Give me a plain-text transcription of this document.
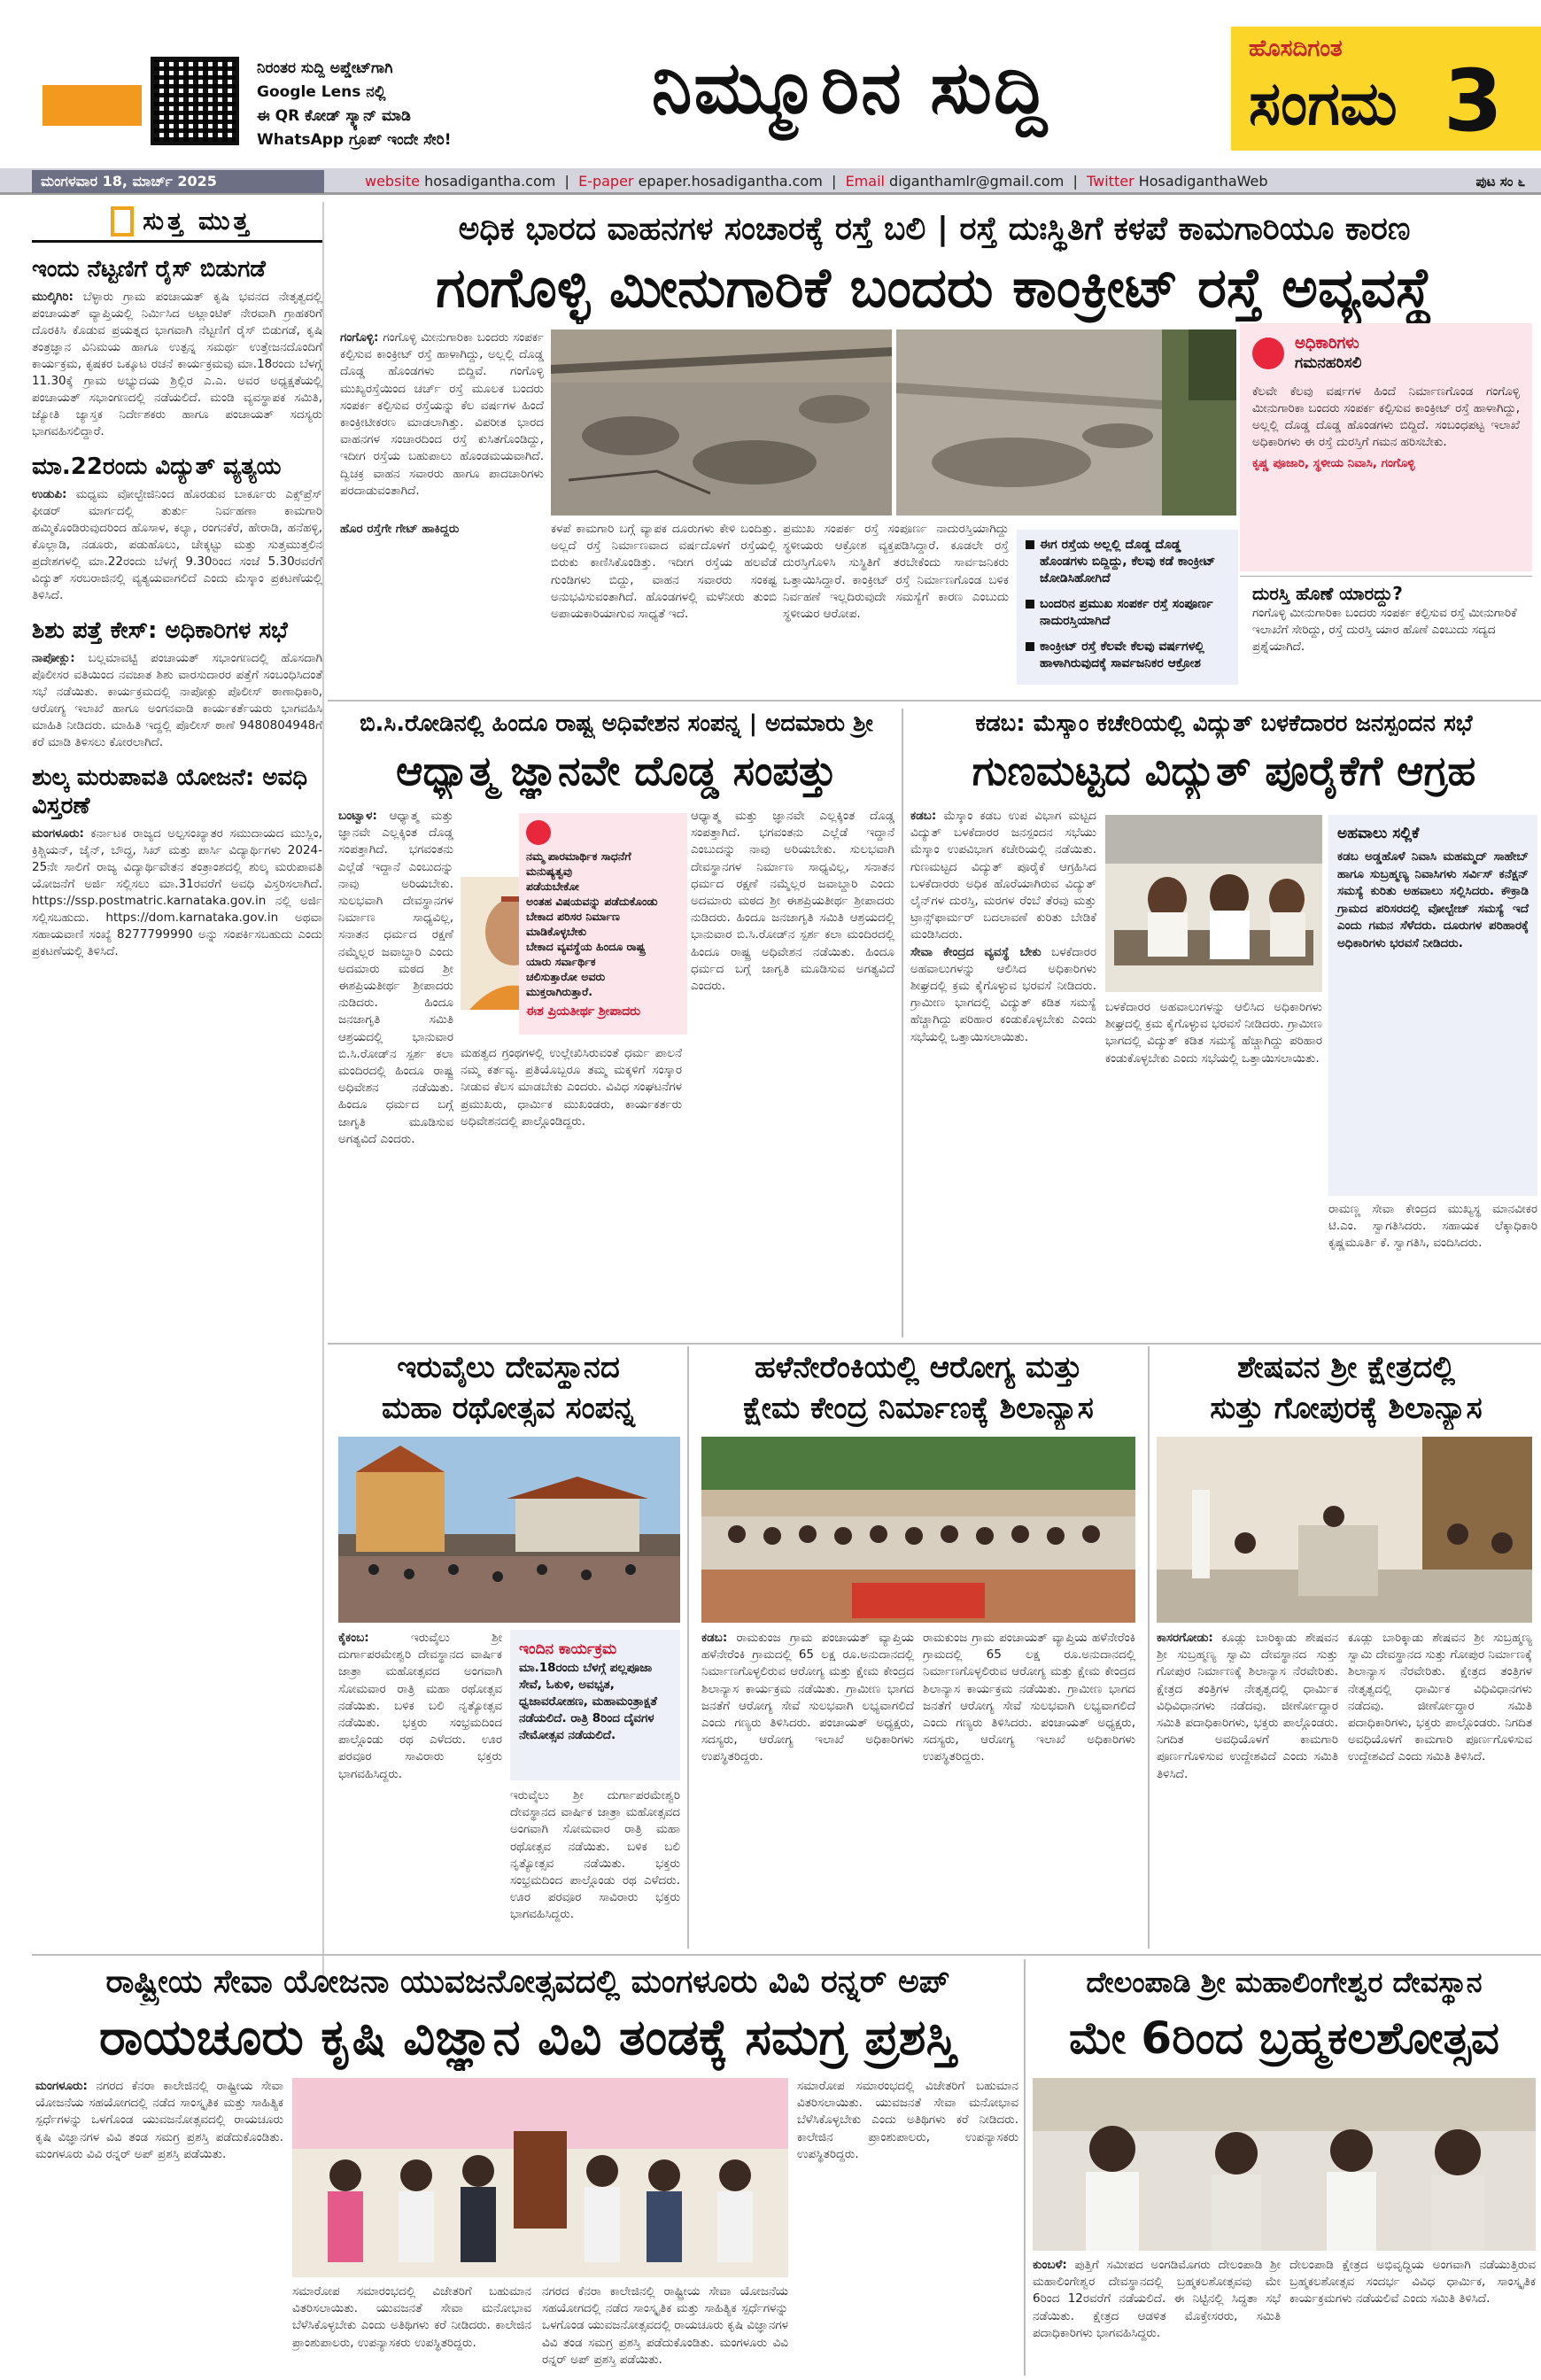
ನಿರಂತರ ಸುದ್ದಿ ಅಪ್ಡೇಟ್‌ಗಾಗಿ
Google Lens ನಲ್ಲಿ
ಈ QR ಕೋಡ್ ಸ್ಕ್ಯಾನ್ ಮಾಡಿ
WhatsApp ಗ್ರೂಪ್ ಇಂದೇ ಸೇರಿ!
ನಿಮ್ಮೂರಿನ ಸುದ್ದಿ	ಹೊಸದಿಗಂತ
ಸಂಗಮ 3
ಮಂಗಳವಾರ 18, ಮಾರ್ಚ್ 2025	website hosadigantha.com  |  E-paper epaper.hosadigantha.com  |  Email diganthamlr@gmail.com  |  Twitter HosadiganthaWeb	ಪುಟ ಸಂ ೬
ಸುತ್ತ ಮುತ್ತ
ಇಂದು ನೆಟ್ಟಣಿಗೆ ರೈಸ್ ಬಿಡುಗಡೆ
ಮುಲ್ಕಿಗಿರಿ: ಬೆಳ್ಳಾರು ಗ್ರಾಮ ಪಂಚಾಯತ್ ಕೃಷಿ ಭವನದ ನೇತೃತ್ವದಲ್ಲಿ ಪಂಚಾಯತ್ ವ್ಯಾಪ್ತಿಯಲ್ಲಿ ನಿರ್ಮಿಸಿದ ಅಟ್ಲಾಂಟಿಕ್ ನೇರವಾಗಿ ಗ್ರಾಹಕರಿಗೆ ದೊರಕಿಸಿ ಕೊಡುವ ಪ್ರಯತ್ನದ ಭಾಗವಾಗಿ ನೆಟ್ಟಣಿಗೆ ರೈಸ್ ಬಿಡುಗಡೆ, ಕೃಷಿ ತಂತ್ರಜ್ಞಾನ ವಿನಿಮಯ ಹಾಗೂ ಉತ್ಪನ್ನ ಸಮರ್ಥ ಉತ್ತೇಜನದೊಂದಿಗೆ ಕಾರ್ಯಕ್ರಮ, ಕೃಷಕರ ಒಕ್ಕೂಟ ರಚನೆ ಕಾರ್ಯಕ್ರಮವು ಮಾ.18ರಂದು ಬೆಳಗ್ಗೆ 11.30ಕ್ಕೆ ಗ್ರಾಮ ಅಭ್ಯುದಯ ಶ್ರಿಲ್ಲಿರ ಎ.ಎ. ಅವರ ಅಧ್ಯಕ್ಷತೆಯಲ್ಲಿ ಪಂಚಾಯತ್ ಸಭಾಂಗಣದಲ್ಲಿ ನಡೆಯಲಿದೆ. ಮಂಡಿ ವ್ಯವಸ್ಥಾಪಕ ಸಮಿತಿ, ಜ್ಯೋತಿ ಜ್ಯಾಸ್ತಕ ನಿರ್ದೇಶಕರು ಹಾಗೂ ಪಂಚಾಯತ್ ಸದಸ್ಯರು ಭಾಗವಹಿಸಲಿದ್ದಾರೆ.
ಮಾ.22ರಂದು ವಿದ್ಯುತ್ ವ್ಯತ್ಯಯ
ಉಡುಪಿ: ಮಧ್ಯಮ ವೋಲ್ಟೇಜಿನಿಂದ ಹೊರಡುವ ಬಾರ್ಕೂರು ಎಕ್ಸ್‌ಪ್ರೆಸ್ ಫೀಡರ್ ಮಾರ್ಗದಲ್ಲಿ ತುರ್ತು ನಿರ್ವಹಣಾ ಕಾಮಗಾರಿ ಹಮ್ಮಿಕೊಂಡಿರುವುದರಿಂದ ಹೊಸಾಳ, ಕಲ್ಯಾ, ರಂಗನಕೆರೆ, ಹೇರಾಡಿ, ಹನೆಹಳ್ಳಿ, ಕೊಲ್ಲಾಡಿ, ನಡೂರು, ಪಡುಹೊಲು, ಚೇಕ್ಕಟ್ಟು ಮತ್ತು ಸುತ್ತಮುತ್ತಲಿನ ಪ್ರದೇಶಗಳಲ್ಲಿ ಮಾ.22ರಂದು ಬೆಳಗ್ಗೆ 9.30ರಿಂದ ಸಂಜೆ 5.30ರವರೆಗೆ ವಿದ್ಯುತ್ ಸರಬರಾಜಿನಲ್ಲಿ ವ್ಯತ್ಯಯವಾಗಲಿದೆ ಎಂದು ಮೆಸ್ಕಾಂ ಪ್ರಕಟಣೆಯಲ್ಲಿ ತಿಳಿಸಿದೆ.
ಶಿಶು ಪತ್ತೆ ಕೇಸ್: ಅಧಿಕಾರಿಗಳ ಸಭೆ
ನಾಪೋಕ್ಲು: ಬಲ್ಲಮಾವಟ್ಟಿ ಪಂಚಾಯತ್ ಸಭಾಂಗಣದಲ್ಲಿ ಹೊಸದಾಗಿ ಪೊಲೀಸರ ವತಿಯಿಂದ ನವಜಾತ ಶಿಶು ವಾರಸುದಾರರ ಪತ್ತೆಗೆ ಸಂಬಂಧಿಸಿದಂತೆ ಸಭೆ ನಡೆಯಿತು. ಕಾರ್ಯಕ್ರಮದಲ್ಲಿ ನಾಪೋಕ್ಲು ಪೊಲೀಸ್ ಠಾಣಾಧಿಕಾರಿ, ಆರೋಗ್ಯ ಇಲಾಖೆ ಹಾಗೂ ಅಂಗನವಾಡಿ ಕಾರ್ಯಕರ್ತೆಯರು ಭಾಗವಹಿಸಿ ಮಾಹಿತಿ ನೀಡಿದರು. ಮಾಹಿತಿ ಇದ್ದಲ್ಲಿ ಪೊಲೀಸ್ ಠಾಣೆ 9480804948ಗೆ ಕರೆ ಮಾಡಿ ತಿಳಿಸಲು ಕೋರಲಾಗಿದೆ.
ಶುಲ್ಕ ಮರುಪಾವತಿ ಯೋಜನೆ: ಅವಧಿ ವಿಸ್ತರಣೆ
ಮಂಗಳೂರು: ಕರ್ನಾಟಕ ರಾಜ್ಯದ ಅಲ್ಪಸಂಖ್ಯಾತರ ಸಮುದಾಯದ ಮುಸ್ಲಿಂ, ಕ್ರಿಶ್ಚಿಯನ್, ಜೈನ್, ಬೌದ್ಧ, ಸಿಖ್ ಮತ್ತು ಪಾರ್ಸಿ ವಿದ್ಯಾರ್ಥಿಗಳು 2024-25ನೇ ಸಾಲಿಗೆ ರಾಜ್ಯ ವಿದ್ಯಾರ್ಥಿವೇತನ ತಂತ್ರಾಂಶದಲ್ಲಿ ಶುಲ್ಕ ಮರುಪಾವತಿ ಯೋಜನೆಗೆ ಅರ್ಜಿ ಸಲ್ಲಿಸಲು ಮಾ.31ರವರೆಗೆ ಅವಧಿ ವಿಸ್ತರಿಸಲಾಗಿದೆ. https://ssp.postmatric.karnataka.gov.in ನಲ್ಲಿ ಅರ್ಜಿ ಸಲ್ಲಿಸಬಹುದು. https://dom.karnataka.gov.in ಅಥವಾ ಸಹಾಯವಾಣಿ ಸಂಖ್ಯೆ 8277799990 ಅನ್ನು ಸಂಪರ್ಕಿಸಬಹುದು ಎಂದು ಪ್ರಕಟಣೆಯಲ್ಲಿ ತಿಳಿಸಿದೆ.
ಅಧಿಕ ಭಾರದ ವಾಹನಗಳ ಸಂಚಾರಕ್ಕೆ ರಸ್ತೆ ಬಲಿ | ರಸ್ತೆ ದುಃಸ್ಥಿತಿಗೆ ಕಳಪೆ ಕಾಮಗಾರಿಯೂ ಕಾರಣ
ಗಂಗೊಳ್ಳಿ ಮೀನುಗಾರಿಕೆ ಬಂದರು ಕಾಂಕ್ರೀಟ್ ರಸ್ತೆ ಅವ್ಯವಸ್ಥೆ
ಗಂಗೊಳ್ಳಿ: ಗಂಗೊಳ್ಳಿ ಮೀನುಗಾರಿಕಾ ಬಂದರು ಸಂಪರ್ಕ ಕಲ್ಪಿಸುವ ಕಾಂಕ್ರೀಟ್ ರಸ್ತೆ ಹಾಳಾಗಿದ್ದು, ಅಲ್ಲಲ್ಲಿ ದೊಡ್ಡ ದೊಡ್ಡ ಹೊಂಡಗಳು ಬಿದ್ದಿವೆ. ಗಂಗೊಳ್ಳಿ ಮುಖ್ಯರಸ್ತೆಯಿಂದ ಚರ್ಚ್ ರಸ್ತೆ ಮೂಲಕ ಬಂದರು ಸಂಪರ್ಕ ಕಲ್ಪಿಸುವ ರಸ್ತೆಯನ್ನು ಕೆಲ ವರ್ಷಗಳ ಹಿಂದೆ ಕಾಂಕ್ರೀಟೀಕರಣ ಮಾಡಲಾಗಿತ್ತು. ವಿಪರೀತ ಭಾರದ ವಾಹನಗಳ ಸಂಚಾರದಿಂದ ರಸ್ತೆ ಕುಸಿತಗೊಂಡಿದ್ದು, ಇದೀಗ ರಸ್ತೆಯ ಬಹುಪಾಲು ಹೊಂಡಮಯವಾಗಿದೆ. ದ್ವಿಚಕ್ರ ವಾಹನ ಸವಾರರು ಹಾಗೂ ಪಾದಚಾರಿಗಳು ಪರದಾಡುವಂತಾಗಿದೆ.
ಹೊರ ರಸ್ತೆಗೇ ಗೇಟ್ ಹಾಕಿದ್ದರು	ಕಳಪೆ ಕಾಮಗಾರಿ ಬಗ್ಗೆ ವ್ಯಾಪಕ ದೂರುಗಳು ಕೇಳಿ ಬಂದಿತ್ತು. ಅಲ್ಲದೆ ರಸ್ತೆ ನಿರ್ಮಾಣವಾದ ವರ್ಷದೊಳಗೆ ರಸ್ತೆಯಲ್ಲಿ ಬಿರುಕು ಕಾಣಿಸಿಕೊಂಡಿತ್ತು. ಇದೀಗ ರಸ್ತೆಯ ಹಲವೆಡೆ ಗುಂಡಿಗಳು ಬಿದ್ದು, ವಾಹನ ಸವಾರರು ಸಂಕಷ್ಟ ಅನುಭವಿಸುವಂತಾಗಿದೆ. ಹೊಂಡಗಳಲ್ಲಿ ಮಳೆನೀರು ತುಂಬಿ ಅಪಾಯಕಾರಿಯಾಗುವ ಸಾಧ್ಯತೆ ಇದೆ.
ಪ್ರಮುಖ ಸಂಪರ್ಕ ರಸ್ತೆ ಸಂಪೂರ್ಣ ನಾದುರಸ್ತಿಯಾಗಿದ್ದು ಸ್ಥಳೀಯರು ಆಕ್ರೋಶ ವ್ಯಕ್ತಪಡಿಸಿದ್ದಾರೆ. ಕೂಡಲೇ ರಸ್ತೆ ದುರಸ್ತಿಗೊಳಿಸಿ ಸುಸ್ಥಿತಿಗೆ ತರಬೇಕೆಂದು ಸಾರ್ವಜನಿಕರು ಒತ್ತಾಯಿಸಿದ್ದಾರೆ. ಕಾಂಕ್ರೀಟ್ ರಸ್ತೆ ನಿರ್ಮಾಣಗೊಂಡ ಬಳಿಕ ನಿರ್ವಹಣೆ ಇಲ್ಲದಿರುವುದೇ ಸಮಸ್ಯೆಗೆ ಕಾರಣ ಎಂಬುದು ಸ್ಥಳೀಯರ ಆರೋಪ.
ಈಗ ರಸ್ತೆಯ ಅಲ್ಲಲ್ಲಿ ದೊಡ್ಡ ದೊಡ್ಡ ಹೊಂಡಗಳು ಬಿದ್ದಿದ್ದು, ಕೆಲವು ಕಡೆ ಕಾಂಕ್ರೀಟ್ ಜೋಡಿಸಿಹೋಗಿದೆ
ಬಂದರಿನ ಪ್ರಮುಖ ಸಂಪರ್ಕ ರಸ್ತೆ ಸಂಪೂರ್ಣ ನಾದುರಸ್ತಿಯಾಗಿದೆ
ಕಾಂಕ್ರೀಟ್ ರಸ್ತೆ ಕೆಲವೇ ಕೆಲವು ವರ್ಷಗಳಲ್ಲಿ ಹಾಳಾಗಿರುವುದಕ್ಕೆ ಸಾರ್ವಜನಿಕರ ಆಕ್ರೋಶ
ಅಧಿಕಾರಿಗಳು
ಗಮನಹರಿಸಲಿ
ಕೆಲವೇ ಕೆಲವು ವರ್ಷಗಳ ಹಿಂದೆ ನಿರ್ಮಾಣಗೊಂಡ ಗಂಗೊಳ್ಳಿ ಮೀನುಗಾರಿಕಾ ಬಂದರು ಸಂಪರ್ಕ ಕಲ್ಪಿಸುವ ಕಾಂಕ್ರೀಟ್ ರಸ್ತೆ ಹಾಳಾಗಿದ್ದು, ಅಲ್ಲಲ್ಲಿ ದೊಡ್ಡ ದೊಡ್ಡ ಹೊಂಡಗಳು ಬಿದ್ದಿದೆ. ಸಂಬಂಧಪಟ್ಟ ಇಲಾಖೆ ಅಧಿಕಾರಿಗಳು ಈ ರಸ್ತೆ ದುರಸ್ತಿಗೆ ಗಮನ ಹರಿಸಬೇಕು.
ಕೃಷ್ಣ ಪೂಜಾರಿ, ಸ್ಥಳೀಯ ನಿವಾಸಿ, ಗಂಗೊಳ್ಳಿ
ದುರಸ್ತಿ ಹೊಣೆ ಯಾರದ್ದು?

ಗಂಗೊಳ್ಳಿ ಮೀನುಗಾರಿಕಾ ಬಂದರು ಸಂಪರ್ಕ ಕಲ್ಪಿಸುವ ರಸ್ತೆ ಮೀನುಗಾರಿಕೆ ಇಲಾಖೆಗೆ ಸೇರಿದ್ದು, ರಸ್ತೆ ದುರಸ್ತಿ ಯಾರ ಹೊಣೆ ಎಂಬುದು ಸದ್ಯದ ಪ್ರಶ್ನೆಯಾಗಿದೆ.

ಬಿ.ಸಿ.ರೋಡಿನಲ್ಲಿ ಹಿಂದೂ ರಾಷ್ಟ್ರ ಅಧಿವೇಶನ ಸಂಪನ್ನ | ಅದಮಾರು ಶ್ರೀ
ಆಧ್ಯಾತ್ಮ ಜ್ಞಾನವೇ ದೊಡ್ಡ ಸಂಪತ್ತು
ಬಂಟ್ವಾಳ: ಆಧ್ಯಾತ್ಮ ಮತ್ತು ಜ್ಞಾನವೇ ಎಲ್ಲಕ್ಕಿಂತ ದೊಡ್ಡ ಸಂಪತ್ತಾಗಿದೆ. ಭಗವಂತನು ಎಲ್ಲೆಡೆ ಇದ್ದಾನೆ ಎಂಬುದನ್ನು ನಾವು ಅರಿಯಬೇಕು. ಸುಲಭವಾಗಿ ದೇವಸ್ಥಾನಗಳ ನಿರ್ಮಾಣ ಸಾಧ್ಯವಿಲ್ಲ, ಸನಾತನ ಧರ್ಮದ ರಕ್ಷಣೆ ನಮ್ಮೆಲ್ಲರ ಜವಾಬ್ದಾರಿ ಎಂದು ಅದಮಾರು ಮಠದ ಶ್ರೀ ಈಶಪ್ರಿಯತೀರ್ಥ ಶ್ರೀಪಾದರು ನುಡಿದರು. ಹಿಂದೂ ಜನಜಾಗೃತಿ ಸಮಿತಿ ಆಶ್ರಯದಲ್ಲಿ ಭಾನುವಾರ ಬಿ.ಸಿ.ರೋಡ್‌ನ ಸ್ಪರ್ಶ ಕಲಾ ಮಂದಿರದಲ್ಲಿ ಹಿಂದೂ ರಾಷ್ಟ್ರ ಅಧಿವೇಶನ ನಡೆಯಿತು. ಹಿಂದೂ ಧರ್ಮದ ಬಗ್ಗೆ ಜಾಗೃತಿ ಮೂಡಿಸುವ ಅಗತ್ಯವಿದೆ ಎಂದರು.
ನಮ್ಮ ಪಾರಮಾರ್ಥಿಕ ಸಾಧನೆಗೆ ಮನುಷ್ಯತ್ವವು
ಪಡೆಯಬೇಕೋ
ಅಂತಹ ವಿಷಯವನ್ನು ಪಡೆದುಕೊಂಡು
ಬೇಕಾದ ಪರಿಸರ ನಿರ್ಮಾಣ
ಮಾಡಿಕೊಳ್ಳಬೇಕು
ಬೇಕಾದ ವ್ಯವಸ್ಥೆಯ ಹಿಂದೂ ರಾಷ್ಟ್ರ
ಯಾರು ಸರ್ವಾರ್ಥಿಕ
ಚಲಿಸುತ್ತಾರೋ ಅವರು
ಮುಕ್ತರಾಗಿರುತ್ತಾರೆ.
ಈಶ ಪ್ರಿಯತೀರ್ಥ ಶ್ರೀಪಾದರು
ಮಹತ್ವದ ಗ್ರಂಥಗಳಲ್ಲಿ ಉಲ್ಲೇಖಿಸಿರುವಂತೆ ಧರ್ಮ ಪಾಲನೆ ನಮ್ಮ ಕರ್ತವ್ಯ. ಪ್ರತಿಯೊಬ್ಬರೂ ತಮ್ಮ ಮಕ್ಕಳಿಗೆ ಸಂಸ್ಕಾರ ನೀಡುವ ಕೆಲಸ ಮಾಡಬೇಕು ಎಂದರು. ವಿವಿಧ ಸಂಘಟನೆಗಳ ಪ್ರಮುಖರು, ಧಾರ್ಮಿಕ ಮುಖಂಡರು, ಕಾರ್ಯಕರ್ತರು ಅಧಿವೇಶನದಲ್ಲಿ ಪಾಲ್ಗೊಂಡಿದ್ದರು.
ಆಧ್ಯಾತ್ಮ ಮತ್ತು ಜ್ಞಾನವೇ ಎಲ್ಲಕ್ಕಿಂತ ದೊಡ್ಡ ಸಂಪತ್ತಾಗಿದೆ. ಭಗವಂತನು ಎಲ್ಲೆಡೆ ಇದ್ದಾನೆ ಎಂಬುದನ್ನು ನಾವು ಅರಿಯಬೇಕು. ಸುಲಭವಾಗಿ ದೇವಸ್ಥಾನಗಳ ನಿರ್ಮಾಣ ಸಾಧ್ಯವಿಲ್ಲ, ಸನಾತನ ಧರ್ಮದ ರಕ್ಷಣೆ ನಮ್ಮೆಲ್ಲರ ಜವಾಬ್ದಾರಿ ಎಂದು ಅದಮಾರು ಮಠದ ಶ್ರೀ ಈಶಪ್ರಿಯತೀರ್ಥ ಶ್ರೀಪಾದರು ನುಡಿದರು. ಹಿಂದೂ ಜನಜಾಗೃತಿ ಸಮಿತಿ ಆಶ್ರಯದಲ್ಲಿ ಭಾನುವಾರ ಬಿ.ಸಿ.ರೋಡ್‌ನ ಸ್ಪರ್ಶ ಕಲಾ ಮಂದಿರದಲ್ಲಿ ಹಿಂದೂ ರಾಷ್ಟ್ರ ಅಧಿವೇಶನ ನಡೆಯಿತು. ಹಿಂದೂ ಧರ್ಮದ ಬಗ್ಗೆ ಜಾಗೃತಿ ಮೂಡಿಸುವ ಅಗತ್ಯವಿದೆ ಎಂದರು.
ಕಡಬ: ಮೆಸ್ಕಾಂ ಕಚೇರಿಯಲ್ಲಿ ವಿದ್ಯುತ್ ಬಳಕೆದಾರರ ಜನಸ್ಪಂದನ ಸಭೆ
ಗುಣಮಟ್ಟದ ವಿದ್ಯುತ್ ಪೂರೈಕೆಗೆ ಆಗ್ರಹ
ಕಡಬ: ಮೆಸ್ಕಾಂ ಕಡಬ ಉಪ ವಿಭಾಗ ಮಟ್ಟದ ವಿದ್ಯುತ್ ಬಳಕೆದಾರರ ಜನಸ್ಪಂದನ ಸಭೆಯು ಮೆಸ್ಕಾಂ ಉಪವಿಭಾಗ ಕಚೇರಿಯಲ್ಲಿ ನಡೆಯಿತು. ಗುಣಮಟ್ಟದ ವಿದ್ಯುತ್ ಪೂರೈಕೆ ಆಗ್ರಹಿಸಿದ ಬಳಕೆದಾರರು ಅಧಿಕ ಹೊರೆಯಾಗಿರುವ ವಿದ್ಯುತ್ ಲೈನ್‌ಗಳ ದುರಸ್ತಿ, ಮರಗಳ ರೆಂಬೆ ತೆರವು ಮತ್ತು ಟ್ರಾನ್ಸ್‌ಫಾರ್ಮರ್ ಬದಲಾವಣೆ ಕುರಿತು ಬೇಡಿಕೆ ಮಂಡಿಸಿದರು.
ಸೇವಾ ಕೇಂದ್ರದ ವ್ಯವಸ್ಥೆ ಬೇಕು ಬಳಕೆದಾರರ ಅಹವಾಲುಗಳನ್ನು ಆಲಿಸಿದ ಅಧಿಕಾರಿಗಳು ಶೀಘ್ರದಲ್ಲಿ ಕ್ರಮ ಕೈಗೊಳ್ಳುವ ಭರವಸೆ ನೀಡಿದರು. ಗ್ರಾಮೀಣ ಭಾಗದಲ್ಲಿ ವಿದ್ಯುತ್ ಕಡಿತ ಸಮಸ್ಯೆ ಹೆಚ್ಚಾಗಿದ್ದು ಪರಿಹಾರ ಕಂಡುಕೊಳ್ಳಬೇಕು ಎಂದು ಸಭೆಯಲ್ಲಿ ಒತ್ತಾಯಿಸಲಾಯಿತು.
ಬಳಕೆದಾರರ ಅಹವಾಲುಗಳನ್ನು ಆಲಿಸಿದ ಅಧಿಕಾರಿಗಳು ಶೀಘ್ರದಲ್ಲಿ ಕ್ರಮ ಕೈಗೊಳ್ಳುವ ಭರವಸೆ ನೀಡಿದರು. ಗ್ರಾಮೀಣ ಭಾಗದಲ್ಲಿ ವಿದ್ಯುತ್ ಕಡಿತ ಸಮಸ್ಯೆ ಹೆಚ್ಚಾಗಿದ್ದು ಪರಿಹಾರ ಕಂಡುಕೊಳ್ಳಬೇಕು ಎಂದು ಸಭೆಯಲ್ಲಿ ಒತ್ತಾಯಿಸಲಾಯಿತು.
ಅಹವಾಲು ಸಲ್ಲಿಕೆ
ಕಡಬ ಅಡ್ಡಹೊಳೆ ನಿವಾಸಿ ಮಹಮ್ಮದ್ ಸಾಹೇಬ್ ಹಾಗೂ ಸುಬ್ರಹ್ಮಣ್ಯ ನಿವಾಸಿಗಳು ಸರ್ವಿಸ್ ಕನೆಕ್ಷನ್ ಸಮಸ್ಯೆ ಕುರಿತು ಅಹವಾಲು ಸಲ್ಲಿಸಿದರು. ಕೌಕ್ರಾಡಿ ಗ್ರಾಮದ ಪರಿಸರದಲ್ಲಿ ವೋಲ್ಟೇಜ್ ಸಮಸ್ಯೆ ಇದೆ ಎಂದು ಗಮನ ಸೆಳೆದರು. ದೂರುಗಳ ಪರಿಹಾರಕ್ಕೆ ಅಧಿಕಾರಿಗಳು ಭರವಸೆ ನೀಡಿದರು.
ರಾಮಣ್ಣ ಸೇವಾ ಕೇಂದ್ರದ ಮುಖ್ಯಸ್ಥ ಮಾನವೀಕರ ಟಿ.ಎಂ. ಸ್ವಾಗತಿಸಿದರು. ಸಹಾಯಕ ಲೆಕ್ಕಾಧಿಕಾರಿ ಕೃಷ್ಣಮೂರ್ತಿ ಕೆ. ಸ್ವಾಗತಿಸಿ, ವಂದಿಸಿದರು.
ಇರುವೈಲು ದೇವಸ್ಥಾನದ
ಮಹಾ ರಥೋತ್ಸವ ಸಂಪನ್ನ
ಕೈಕಂಬ:	ಇರುವೈಲು ಶ್ರೀ ದುರ್ಗಾಪರಮೇಶ್ವರಿ ದೇವಸ್ಥಾನದ ವಾರ್ಷಿಕ ಜಾತ್ರಾ ಮಹೋತ್ಸವದ ಅಂಗವಾಗಿ ಸೋಮವಾರ ರಾತ್ರಿ ಮಹಾ ರಥೋತ್ಸವ ನಡೆಯಿತು. ಬಳಿಕ ಬಲಿ ನೃತ್ಯೋತ್ಸವ ನಡೆಯಿತು. ಭಕ್ತರು ಸಂಭ್ರಮದಿಂದ ಪಾಲ್ಗೊಂಡು ರಥ ಎಳೆದರು. ಊರ ಪರವೂರ ಸಾವಿರಾರು ಭಕ್ತರು ಭಾಗವಹಿಸಿದ್ದರು.
ಇಂದಿನ ಕಾರ್ಯಕ್ರಮ

ಮಾ.18ರಂದು ಬೆಳಗ್ಗೆ ಪಲ್ಲಪೂಜಾ ಸೇವೆ, ಓಕುಳಿ, ಅವಭೃತ, ಧ್ವಜಾವರೋಹಣ, ಮಹಾಮಂತ್ರಾಕ್ಷತೆ ನಡೆಯಲಿದೆ. ರಾತ್ರಿ 8ರಿಂದ ದೈವಗಳ ನೇಮೋತ್ಸವ ನಡೆಯಲಿದೆ.

ಇರುವೈಲು ಶ್ರೀ ದುರ್ಗಾಪರಮೇಶ್ವರಿ ದೇವಸ್ಥಾನದ ವಾರ್ಷಿಕ ಜಾತ್ರಾ ಮಹೋತ್ಸವದ ಅಂಗವಾಗಿ ಸೋಮವಾರ ರಾತ್ರಿ ಮಹಾ ರಥೋತ್ಸವ ನಡೆಯಿತು. ಬಳಿಕ ಬಲಿ ನೃತ್ಯೋತ್ಸವ ನಡೆಯಿತು. ಭಕ್ತರು ಸಂಭ್ರಮದಿಂದ ಪಾಲ್ಗೊಂಡು ರಥ ಎಳೆದರು. ಊರ ಪರವೂರ ಸಾವಿರಾರು ಭಕ್ತರು ಭಾಗವಹಿಸಿದ್ದರು.
ಹಳೆನೇರೆಂಕಿಯಲ್ಲಿ ಆರೋಗ್ಯ ಮತ್ತು
ಕ್ಷೇಮ ಕೇಂದ್ರ ನಿರ್ಮಾಣಕ್ಕೆ ಶಿಲಾನ್ಯಾಸ
ಕಡಬ: ರಾಮಕುಂಜ ಗ್ರಾಮ ಪಂಚಾಯತ್ ವ್ಯಾಪ್ತಿಯ ಹಳೆನೇರೆಂಕಿ ಗ್ರಾಮದಲ್ಲಿ 65 ಲಕ್ಷ ರೂ.ಅನುದಾನದಲ್ಲಿ ನಿರ್ಮಾಣಗೊಳ್ಳಲಿರುವ ಆರೋಗ್ಯ ಮತ್ತು ಕ್ಷೇಮ ಕೇಂದ್ರದ ಶಿಲಾನ್ಯಾಸ ಕಾರ್ಯಕ್ರಮ ನಡೆಯಿತು. ಗ್ರಾಮೀಣ ಭಾಗದ ಜನತೆಗೆ ಆರೋಗ್ಯ ಸೇವೆ ಸುಲಭವಾಗಿ ಲಭ್ಯವಾಗಲಿದೆ ಎಂದು ಗಣ್ಯರು ತಿಳಿಸಿದರು. ಪಂಚಾಯತ್ ಅಧ್ಯಕ್ಷರು, ಸದಸ್ಯರು, ಆರೋಗ್ಯ ಇಲಾಖೆ ಅಧಿಕಾರಿಗಳು ಉಪಸ್ಥಿತರಿದ್ದರು.
ರಾಮಕುಂಜ ಗ್ರಾಮ ಪಂಚಾಯತ್ ವ್ಯಾಪ್ತಿಯ ಹಳೆನೇರೆಂಕಿ ಗ್ರಾಮದಲ್ಲಿ 65 ಲಕ್ಷ ರೂ.ಅನುದಾನದಲ್ಲಿ ನಿರ್ಮಾಣಗೊಳ್ಳಲಿರುವ ಆರೋಗ್ಯ ಮತ್ತು ಕ್ಷೇಮ ಕೇಂದ್ರದ ಶಿಲಾನ್ಯಾಸ ಕಾರ್ಯಕ್ರಮ ನಡೆಯಿತು. ಗ್ರಾಮೀಣ ಭಾಗದ ಜನತೆಗೆ ಆರೋಗ್ಯ ಸೇವೆ ಸುಲಭವಾಗಿ ಲಭ್ಯವಾಗಲಿದೆ ಎಂದು ಗಣ್ಯರು ತಿಳಿಸಿದರು. ಪಂಚಾಯತ್ ಅಧ್ಯಕ್ಷರು, ಸದಸ್ಯರು, ಆರೋಗ್ಯ ಇಲಾಖೆ ಅಧಿಕಾರಿಗಳು ಉಪಸ್ಥಿತರಿದ್ದರು.
ಶೇಷವನ ಶ್ರೀ ಕ್ಷೇತ್ರದಲ್ಲಿ
ಸುತ್ತು ಗೋಪುರಕ್ಕೆ ಶಿಲಾನ್ಯಾಸ
ಕಾಸರಗೋಡು: ಕೂಡ್ಲು ಬಾರಿಕ್ಕಾಡು ಶೇಷವನ ಶ್ರೀ ಸುಬ್ರಹ್ಮಣ್ಯ ಸ್ವಾಮಿ ದೇವಸ್ಥಾನದ ಸುತ್ತು ಗೋಪುರ ನಿರ್ಮಾಣಕ್ಕೆ ಶಿಲಾನ್ಯಾಸ ನೆರವೇರಿತು. ಕ್ಷೇತ್ರದ ತಂತ್ರಿಗಳ ನೇತೃತ್ವದಲ್ಲಿ ಧಾರ್ಮಿಕ ವಿಧಿವಿಧಾನಗಳು ನಡೆದವು. ಜೀರ್ಣೋದ್ಧಾರ ಸಮಿತಿ ಪದಾಧಿಕಾರಿಗಳು, ಭಕ್ತರು ಪಾಲ್ಗೊಂಡರು. ನಿಗದಿತ ಅವಧಿಯೊಳಗೆ ಕಾಮಗಾರಿ ಪೂರ್ಣಗೊಳಿಸುವ ಉದ್ದೇಶವಿದೆ ಎಂದು ಸಮಿತಿ ತಿಳಿಸಿದೆ.
ಕೂಡ್ಲು ಬಾರಿಕ್ಕಾಡು ಶೇಷವನ ಶ್ರೀ ಸುಬ್ರಹ್ಮಣ್ಯ ಸ್ವಾಮಿ ದೇವಸ್ಥಾನದ ಸುತ್ತು ಗೋಪುರ ನಿರ್ಮಾಣಕ್ಕೆ ಶಿಲಾನ್ಯಾಸ ನೆರವೇರಿತು. ಕ್ಷೇತ್ರದ ತಂತ್ರಿಗಳ ನೇತೃತ್ವದಲ್ಲಿ ಧಾರ್ಮಿಕ ವಿಧಿವಿಧಾನಗಳು ನಡೆದವು. ಜೀರ್ಣೋದ್ಧಾರ ಸಮಿತಿ ಪದಾಧಿಕಾರಿಗಳು, ಭಕ್ತರು ಪಾಲ್ಗೊಂಡರು. ನಿಗದಿತ ಅವಧಿಯೊಳಗೆ ಕಾಮಗಾರಿ ಪೂರ್ಣಗೊಳಿಸುವ ಉದ್ದೇಶವಿದೆ ಎಂದು ಸಮಿತಿ ತಿಳಿಸಿದೆ.
ರಾಷ್ಟ್ರೀಯ ಸೇವಾ ಯೋಜನಾ ಯುವಜನೋತ್ಸವದಲ್ಲಿ ಮಂಗಳೂರು ವಿವಿ ರನ್ನರ್ ಅಪ್
ರಾಯಚೂರು ಕೃಷಿ ವಿಜ್ಞಾನ ವಿವಿ ತಂಡಕ್ಕೆ ಸಮಗ್ರ ಪ್ರಶಸ್ತಿ
ಮಂಗಳೂರು: ನಗರದ ಕೆನರಾ ಕಾಲೇಜಿನಲ್ಲಿ ರಾಷ್ಟ್ರೀಯ ಸೇವಾ ಯೋಜನೆಯ ಸಹಯೋಗದಲ್ಲಿ ನಡೆದ ಸಾಂಸ್ಕೃತಿಕ ಮತ್ತು ಸಾಹಿತ್ಯಿಕ ಸ್ಪರ್ಧೆಗಳನ್ನು ಒಳಗೊಂಡ ಯುವಜನೋತ್ಸವದಲ್ಲಿ ರಾಯಚೂರು ಕೃಷಿ ವಿಜ್ಞಾನಗಳ ವಿವಿ ತಂಡ ಸಮಗ್ರ ಪ್ರಶಸ್ತಿ ಪಡೆದುಕೊಂಡಿತು. ಮಂಗಳೂರು ವಿವಿ ರನ್ನರ್ ಅಪ್ ಪ್ರಶಸ್ತಿ ಪಡೆಯಿತು.
ಸಮಾರೋಪ ಸಮಾರಂಭದಲ್ಲಿ ವಿಜೇತರಿಗೆ ಬಹುಮಾನ ವಿತರಿಸಲಾಯಿತು. ಯುವಜನತೆ ಸೇವಾ ಮನೋಭಾವ ಬೆಳೆಸಿಕೊಳ್ಳಬೇಕು ಎಂದು ಅತಿಥಿಗಳು ಕರೆ ನೀಡಿದರು. ಕಾಲೇಜಿನ ಪ್ರಾಂಶುಪಾಲರು, ಉಪನ್ಯಾಸಕರು ಉಪಸ್ಥಿತರಿದ್ದರು.
ನಗರದ ಕೆನರಾ ಕಾಲೇಜಿನಲ್ಲಿ ರಾಷ್ಟ್ರೀಯ ಸೇವಾ ಯೋಜನೆಯ ಸಹಯೋಗದಲ್ಲಿ ನಡೆದ ಸಾಂಸ್ಕೃತಿಕ ಮತ್ತು ಸಾಹಿತ್ಯಿಕ ಸ್ಪರ್ಧೆಗಳನ್ನು ಒಳಗೊಂಡ ಯುವಜನೋತ್ಸವದಲ್ಲಿ ರಾಯಚೂರು ಕೃಷಿ ವಿಜ್ಞಾನಗಳ ವಿವಿ ತಂಡ ಸಮಗ್ರ ಪ್ರಶಸ್ತಿ ಪಡೆದುಕೊಂಡಿತು. ಮಂಗಳೂರು ವಿವಿ ರನ್ನರ್ ಅಪ್ ಪ್ರಶಸ್ತಿ ಪಡೆಯಿತು.
ಸಮಾರೋಪ ಸಮಾರಂಭದಲ್ಲಿ ವಿಜೇತರಿಗೆ ಬಹುಮಾನ ವಿತರಿಸಲಾಯಿತು. ಯುವಜನತೆ ಸೇವಾ ಮನೋಭಾವ ಬೆಳೆಸಿಕೊಳ್ಳಬೇಕು ಎಂದು ಅತಿಥಿಗಳು ಕರೆ ನೀಡಿದರು. ಕಾಲೇಜಿನ ಪ್ರಾಂಶುಪಾಲರು, ಉಪನ್ಯಾಸಕರು ಉಪಸ್ಥಿತರಿದ್ದರು.
ದೇಲಂಪಾಡಿ ಶ್ರೀ ಮಹಾಲಿಂಗೇಶ್ವರ ದೇವಸ್ಥಾನ
ಮೇ 6ರಿಂದ ಬ್ರಹ್ಮಕಲಶೋತ್ಸವ
ಕುಂಬಳೆ: ಪುತ್ತಿಗೆ ಸಮೀಪದ ಅಂಗಡಿಮೊಗರು ದೇಲಂಪಾಡಿ ಶ್ರೀ ಮಹಾಲಿಂಗೇಶ್ವರ ದೇವಸ್ಥಾನದಲ್ಲಿ ಬ್ರಹ್ಮಕಲಶೋತ್ಸವವು ಮೇ 6ರಿಂದ 12ರವರೆಗೆ ನಡೆಯಲಿದೆ. ಈ ನಿಟ್ಟಿನಲ್ಲಿ ಸಿದ್ಧತಾ ಸಭೆ ನಡೆಯಿತು. ಕ್ಷೇತ್ರದ ಆಡಳಿತ ಮೊಕ್ತೇಸರರು, ಸಮಿತಿ ಪದಾಧಿಕಾರಿಗಳು ಭಾಗವಹಿಸಿದ್ದರು.
ದೇಲಂಪಾಡಿ ಕ್ಷೇತ್ರದ ಅಭಿವೃದ್ಧಿಯ ಅಂಗವಾಗಿ ನಡೆಯುತ್ತಿರುವ ಬ್ರಹ್ಮಕಲಶೋತ್ಸವ ಸಂದರ್ಭ ವಿವಿಧ ಧಾರ್ಮಿಕ, ಸಾಂಸ್ಕೃತಿಕ ಕಾರ್ಯಕ್ರಮಗಳು ನಡೆಯಲಿವೆ ಎಂದು ಸಮಿತಿ ತಿಳಿಸಿದೆ.
